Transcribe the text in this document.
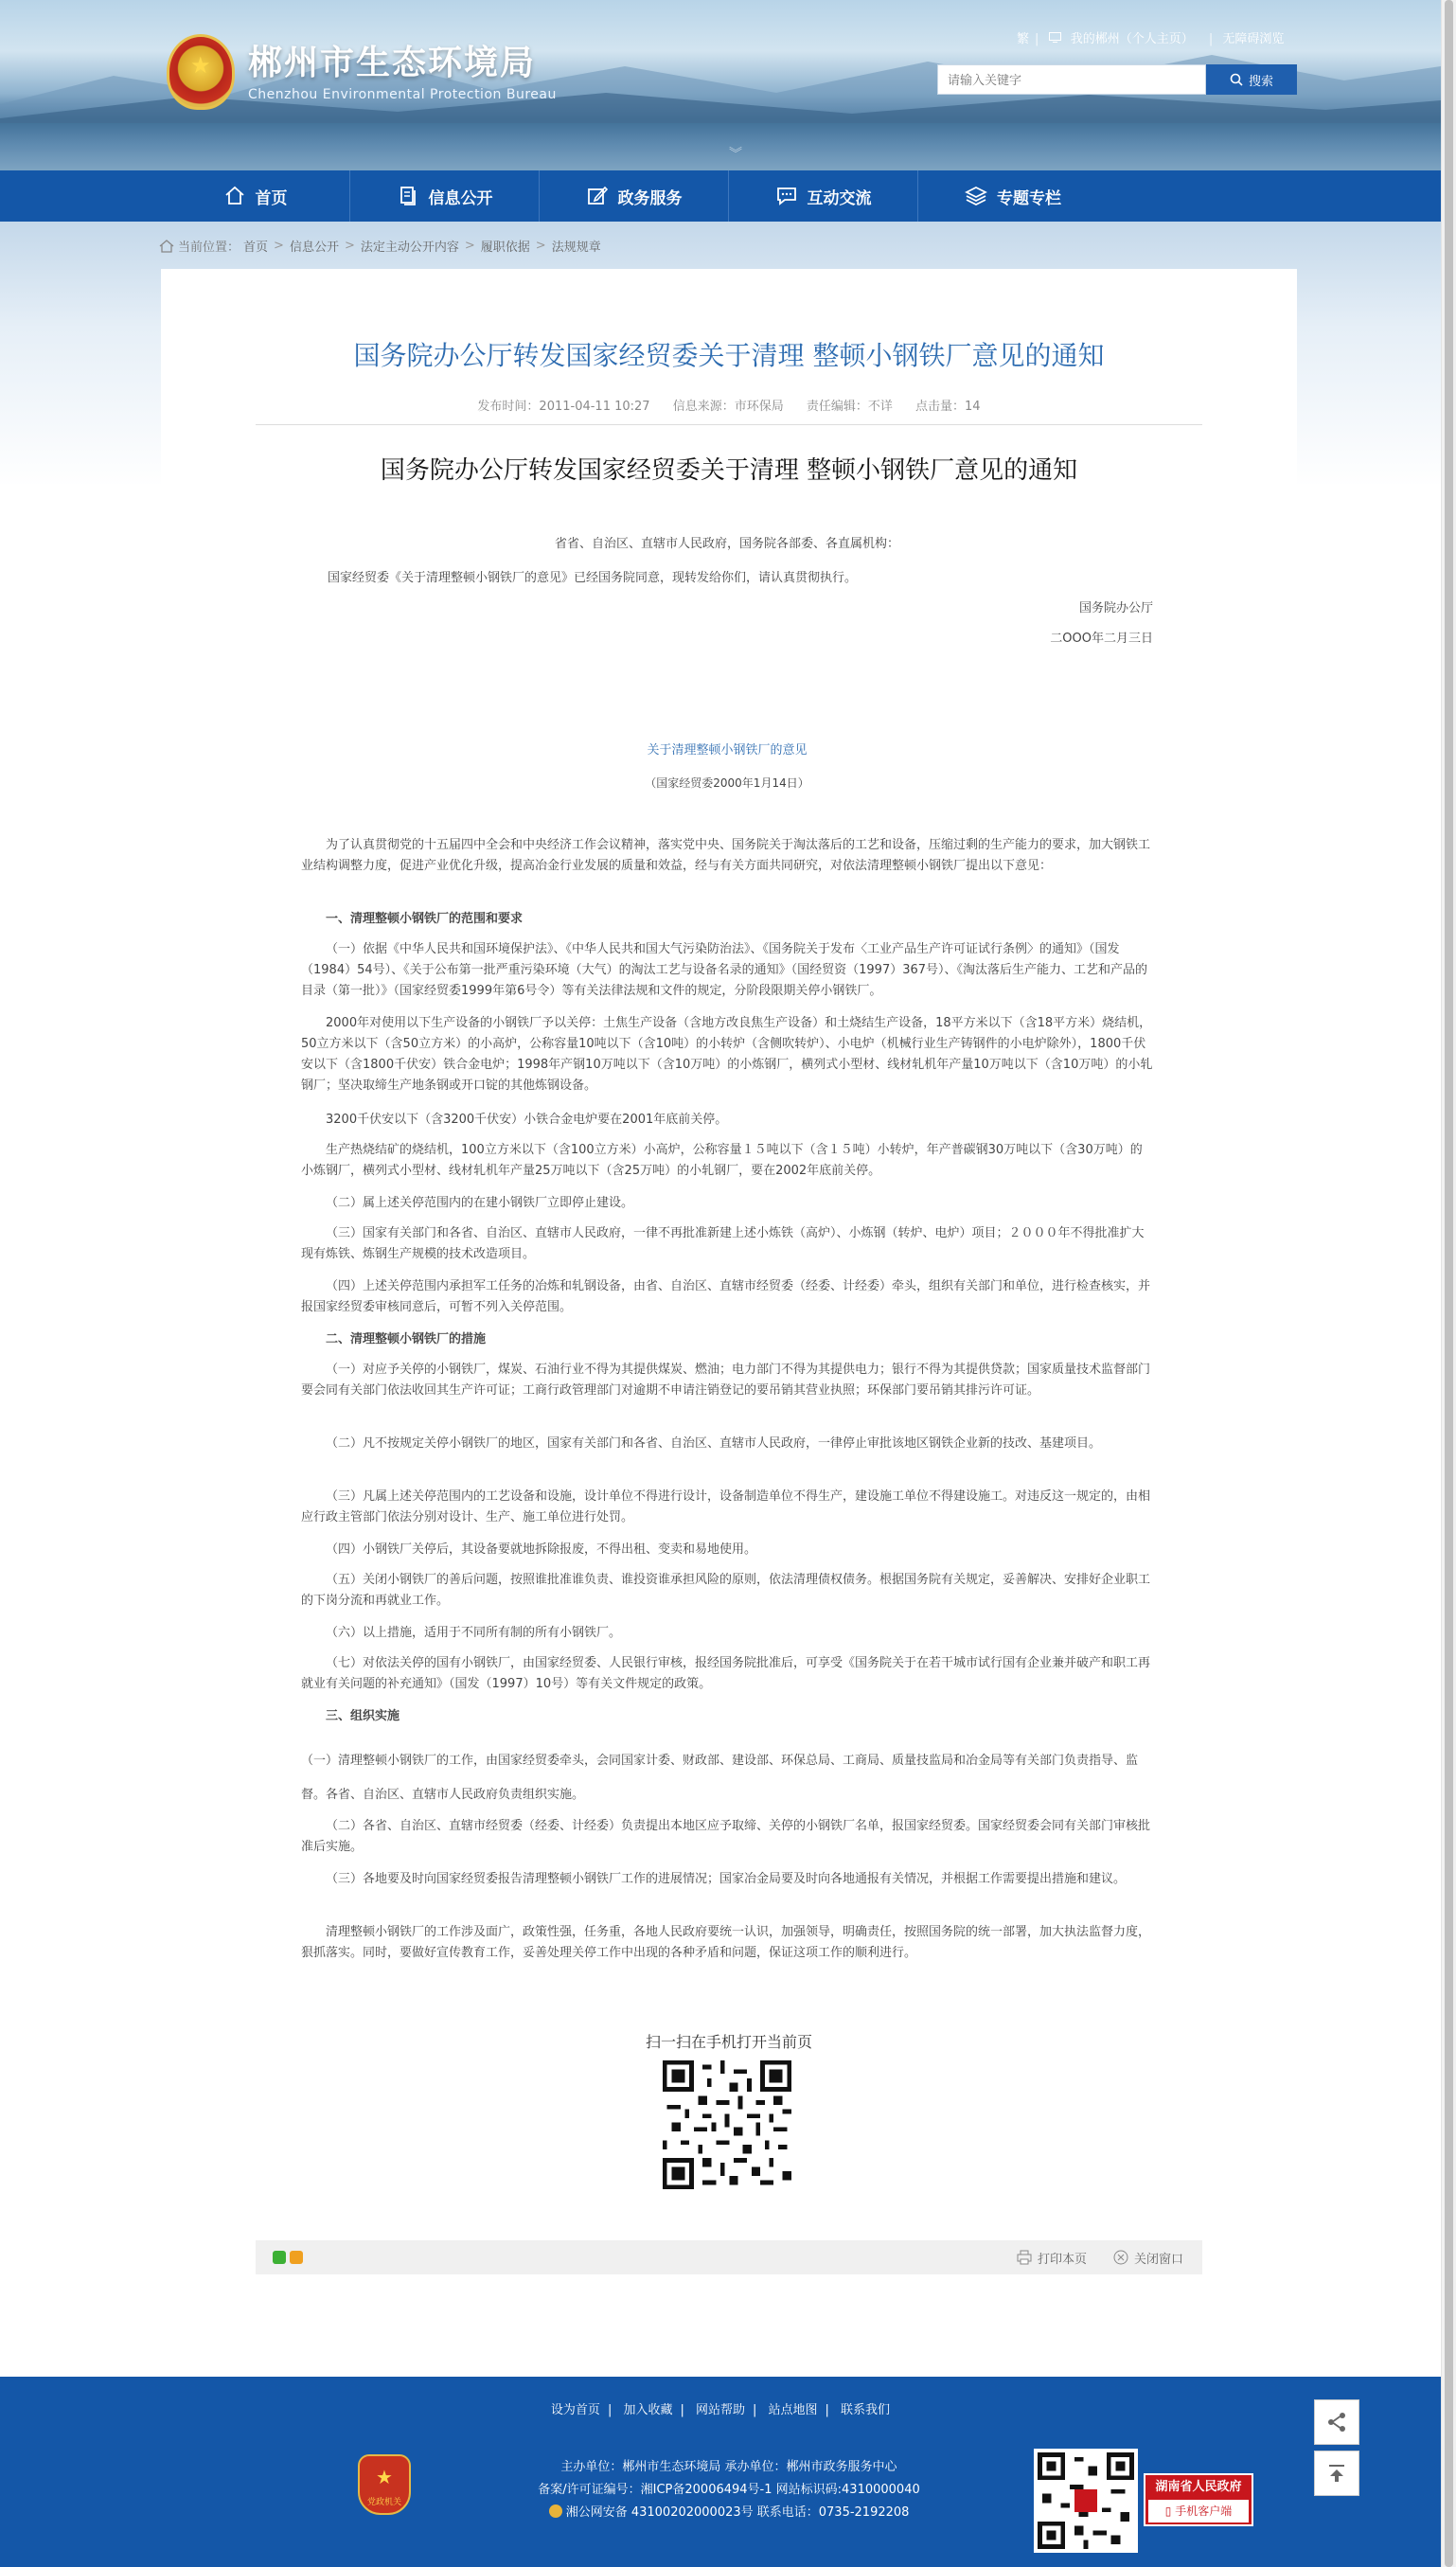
★ 郴州市生态环境局
Chenzhou Environmental Protection Bureau
繁 |	我的郴州（个人主页） | 无障碍浏览
请输入关键字
搜索
︾
首页	信息公开	政务服务	互动交流	专题专栏
当前位置： 首页 > 信息公开 > 法定主动公开内容 > 履职依据 > 法规规章
国务院办公厅转发国家经贸委关于清理 整顿小钢铁厂意见的通知
发布时间：2011-04-11 10:27 信息来源：市环保局 责任编辑：不详 点击量：14
国务院办公厅转发国家经贸委关于清理 整顿小钢铁厂意见的通知
省省、自治区、直辖市人民政府，国务院各部委、各直属机构：
国家经贸委《关于清理整顿小钢铁厂的意见》已经国务院同意，现转发给你们，请认真贯彻执行。
国务院办公厅
二ΟΟΟ年二月三日
关于清理整顿小钢铁厂的意见
（国家经贸委2000年1月14日）
为了认真贯彻党的十五届四中全会和中央经济工作会议精神，落实党中央、国务院关于淘汰落后的工艺和设备，压缩过剩的生产能力的要求，加大钢铁工业结构调整力度，促进产业优化升级，提高冶金行业发展的质量和效益，经与有关方面共同研究，对依法清理整顿小钢铁厂提出以下意见：
一、清理整顿小钢铁厂的范围和要求
（一）依据《中华人民共和国环境保护法》、《中华人民共和国大气污染防治法》、《国务院关于发布〈工业产品生产许可证试行条例〉的通知》（国发（1984）54号）、《关于公布第一批严重污染环境（大气）的淘汰工艺与设备名录的通知》（国经贸资（1997）367号）、《淘汰落后生产能力、工艺和产品的目录（第一批）》（国家经贸委1999年第6号令）等有关法律法规和文件的规定，分阶段限期关停小钢铁厂。
2000年对使用以下生产设备的小钢铁厂予以关停：土焦生产设备（含地方改良焦生产设备）和土烧结生产设备，18平方米以下（含18平方米）烧结机，50立方米以下（含50立方米）的小高炉，公称容量10吨以下（含10吨）的小转炉（含侧吹转炉）、小电炉（机械行业生产铸钢件的小电炉除外），1800千伏安以下（含1800千伏安）铁合金电炉；1998年产钢10万吨以下（含10万吨）的小炼钢厂，横列式小型材、线材轧机年产量10万吨以下（含10万吨）的小轧钢厂；坚决取缔生产地条钢或开口锭的其他炼钢设备。
3200千伏安以下（含3200千伏安）小铁合金电炉要在2001年底前关停。
生产热烧结矿的烧结机，100立方米以下（含100立方米）小高炉，公称容量１５吨以下（含１５吨）小转炉，年产普碳钢30万吨以下（含30万吨）的小炼钢厂，横列式小型材、线材轧机年产量25万吨以下（含25万吨）的小轧钢厂，要在2002年底前关停。
（二）属上述关停范围内的在建小钢铁厂立即停止建设。
（三）国家有关部门和各省、自治区、直辖市人民政府，一律不再批准新建上述小炼铁（高炉）、小炼钢（转炉、电炉）项目；２０００年不得批准扩大现有炼铁、炼钢生产规模的技术改造项目。
（四）上述关停范围内承担军工任务的冶炼和轧钢设备，由省、自治区、直辖市经贸委（经委、计经委）牵头，组织有关部门和单位，进行检查核实，并报国家经贸委审核同意后，可暂不列入关停范围。
二、清理整顿小钢铁厂的措施
（一）对应予关停的小钢铁厂，煤炭、石油行业不得为其提供煤炭、燃油；电力部门不得为其提供电力；银行不得为其提供贷款；国家质量技术监督部门要会同有关部门依法收回其生产许可证；工商行政管理部门对逾期不申请注销登记的要吊销其营业执照；环保部门要吊销其排污许可证。
（二）凡不按规定关停小钢铁厂的地区，国家有关部门和各省、自治区、直辖市人民政府，一律停止审批该地区钢铁企业新的技改、基建项目。
（三）凡属上述关停范围内的工艺设备和设施，设计单位不得进行设计，设备制造单位不得生产，建设施工单位不得建设施工。对违反这一规定的，由相应行政主管部门依法分别对设计、生产、施工单位进行处罚。
（四）小钢铁厂关停后，其设备要就地拆除报废，不得出租、变卖和易地使用。
（五）关闭小钢铁厂的善后问题，按照谁批准谁负责、谁投资谁承担风险的原则，依法清理债权债务。根据国务院有关规定，妥善解决、安排好企业职工的下岗分流和再就业工作。
（六）以上措施，适用于不同所有制的所有小钢铁厂。
（七）对依法关停的国有小钢铁厂，由国家经贸委、人民银行审核，报经国务院批准后，可享受《国务院关于在若干城市试行国有企业兼并破产和职工再就业有关问题的补充通知》（国发（1997）10号）等有关文件规定的政策。
三、组织实施
（一）清理整顿小钢铁厂的工作，由国家经贸委牵头，会同国家计委、财政部、建设部、环保总局、工商局、质量技监局和冶金局等有关部门负责指导、监督。各省、自治区、直辖市人民政府负责组织实施。
（二）各省、自治区、直辖市经贸委（经委、计经委）负责提出本地区应予取缔、关停的小钢铁厂名单，报国家经贸委。国家经贸委会同有关部门审核批准后实施。
（三）各地要及时向国家经贸委报告清理整顿小钢铁厂工作的进展情况；国家冶金局要及时向各地通报有关情况，并根据工作需要提出措施和建议。
清理整顿小钢铁厂的工作涉及面广，政策性强，任务重，各地人民政府要统一认识，加强领导，明确责任，按照国务院的统一部署，加大执法监督力度，狠抓落实。同时，要做好宣传教育工作，妥善处理关停工作中出现的各种矛盾和问题，保证这项工作的顺利进行。
扫一扫在手机打开当前页
打印本页	关闭窗口
设为首页 | 加入收藏 | 网站帮助 | 站点地图 | 联系我们
党政机关
★	主办单位：郴州市生态环境局 承办单位：郴州市政务服务中心
备案/许可证编号：湘ICP备20006494号-1 网站标识码:4310000040
湘公网安备 43100202000023号 联系电话：0735-2192208
湖南省人民政府
▯ 手机客户端
